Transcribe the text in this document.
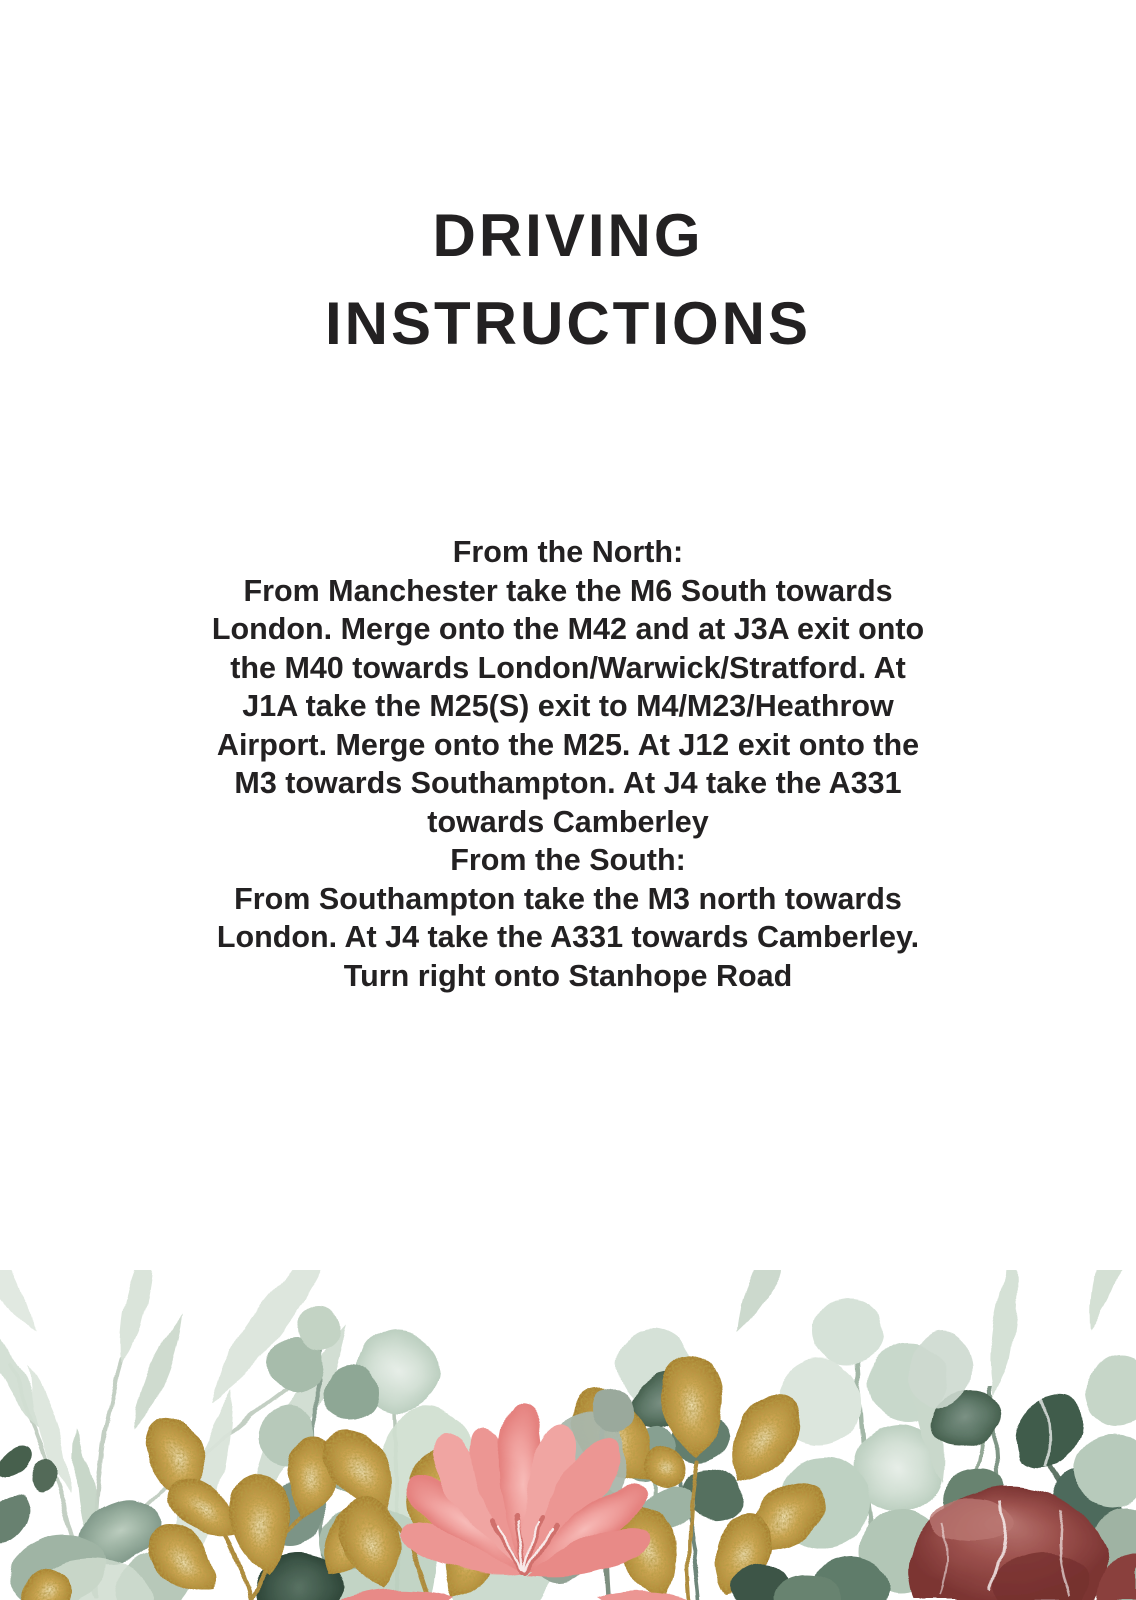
DRIVING
INSTRUCTIONS
From the North:
From Manchester take the M6 South towards
London. Merge onto the M42 and at J3A exit onto
the M40 towards London/Warwick/Stratford. At
J1A take the M25(S) exit to M4/M23/Heathrow
Airport. Merge onto the M25. At J12 exit onto the
M3 towards Southampton. At J4 take the A331
towards Camberley
From the South:
From Southampton take the M3 north towards
London. At J4 take the A331 towards Camberley.
Turn right onto Stanhope Road
